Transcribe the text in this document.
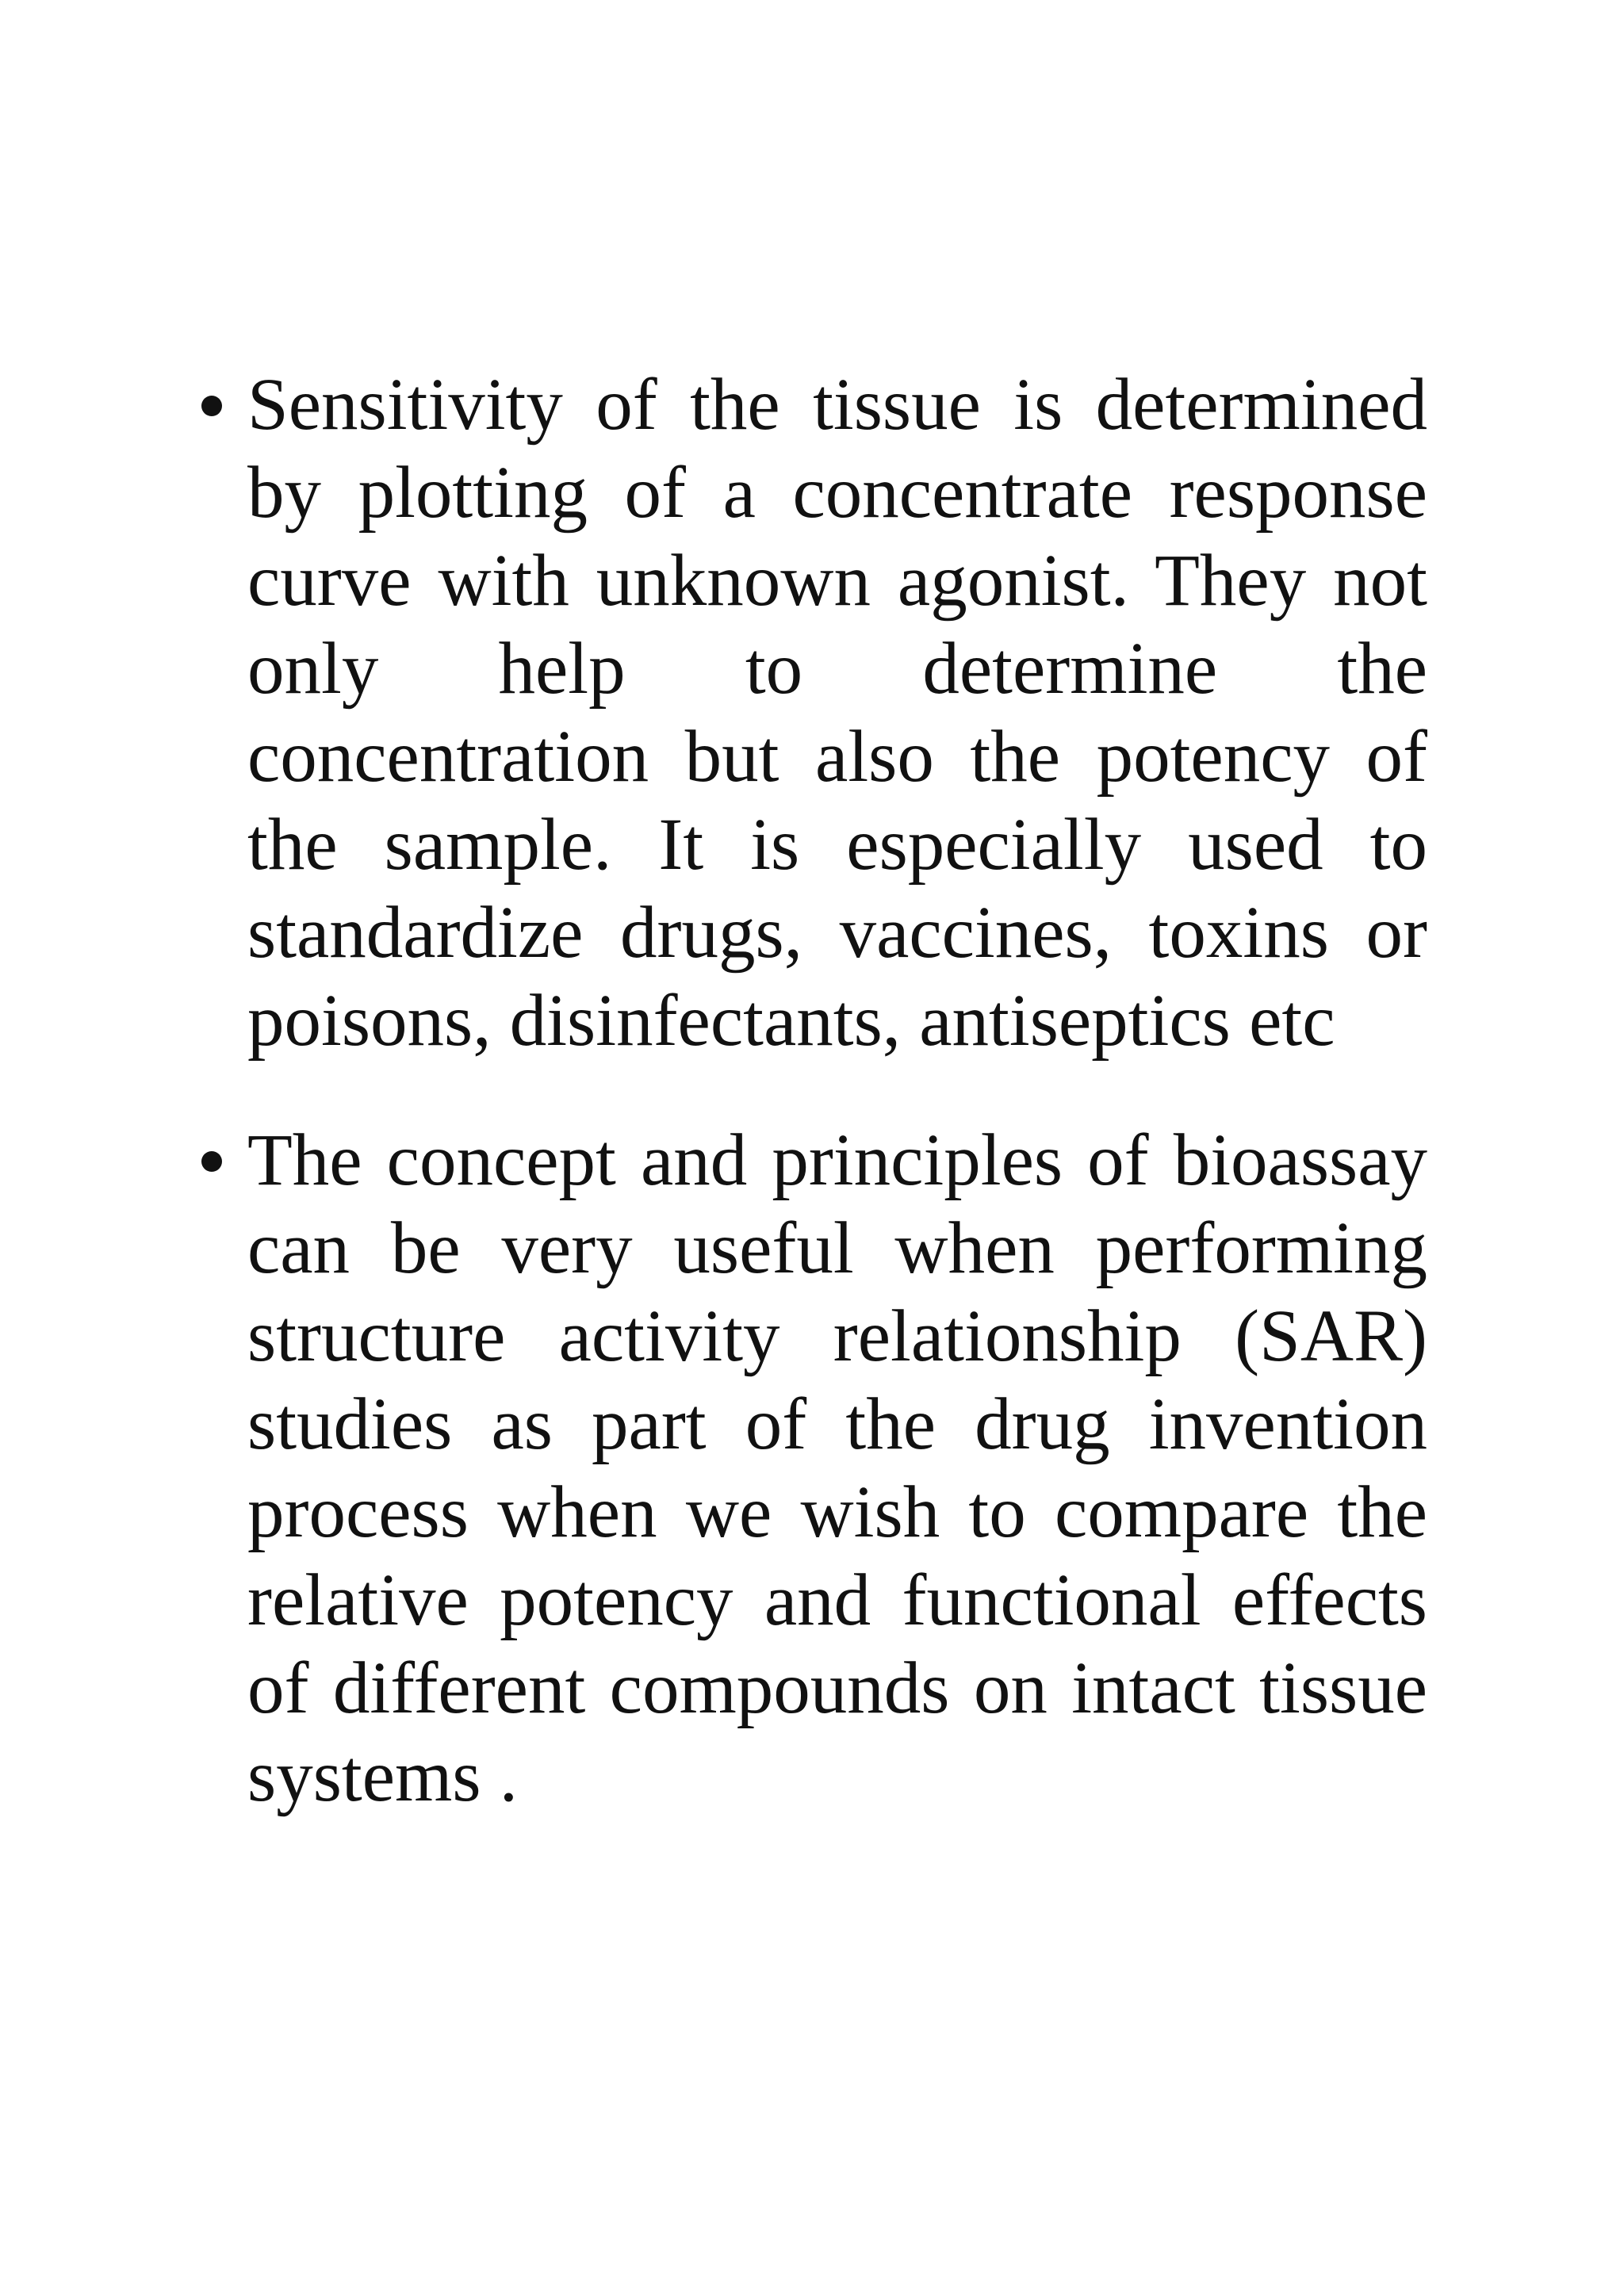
Sensitivity of the tissue is determined by plotting of a concentrate response curve with unknown agonist. They not only help to determine the concentration but also the potency of the sample. It is especially used to standardize drugs, vaccines, toxins or poisons, disinfectants, antiseptics etc
The concept and principles of bioassay can be very useful when performing structure activity relationship (SAR) studies as part of the drug invention process when we wish to compare the relative potency and functional effects of different compounds on intact tissue systems .
